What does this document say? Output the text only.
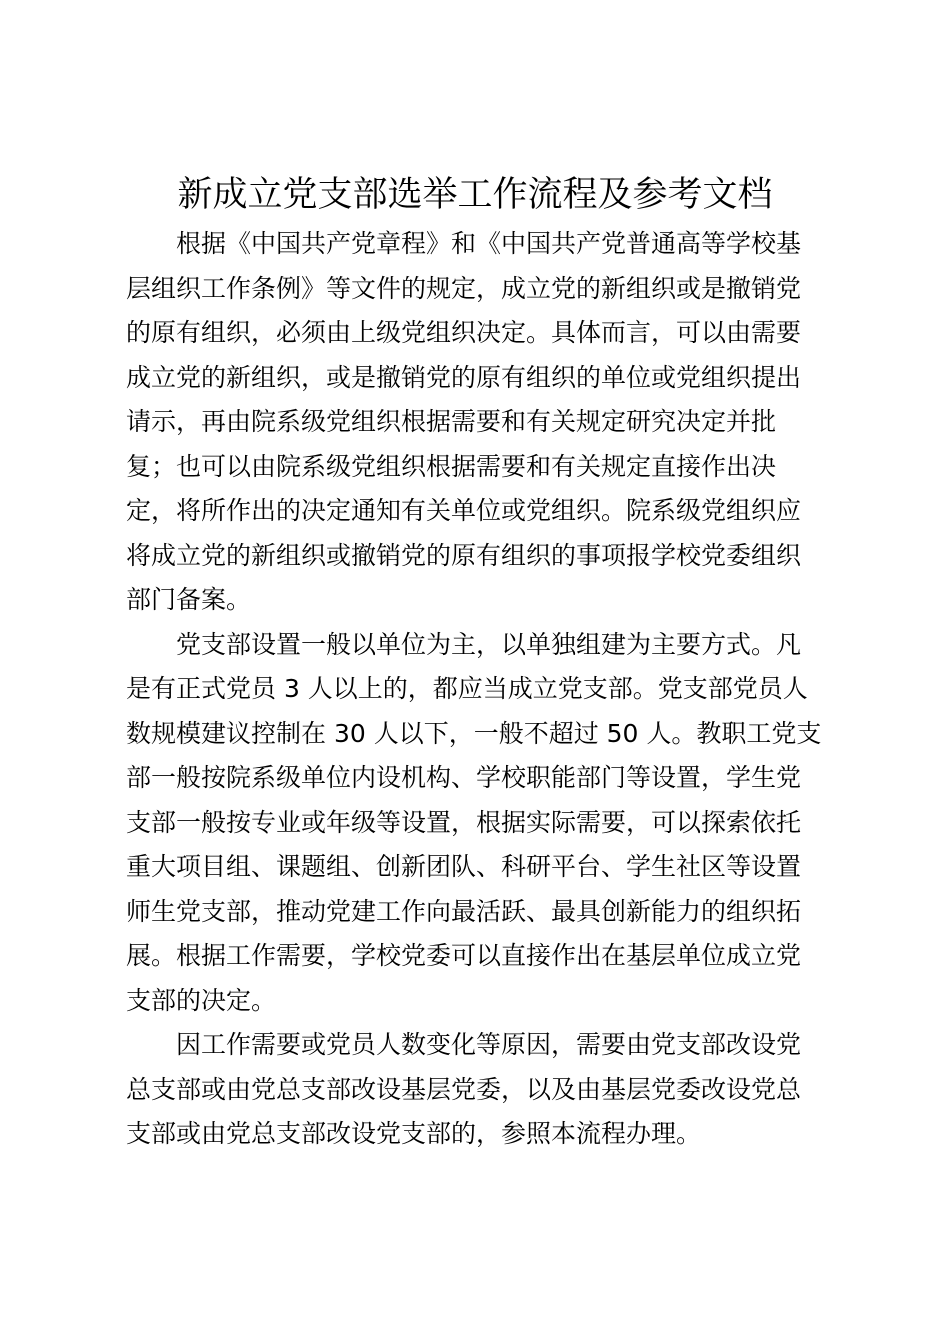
新成立党支部选举工作流程及参考文档

根据《中国共产党章程》和《中国共产党普通高等学校基
层组织工作条例》等文件的规定，成立党的新组织或是撤销党
的原有组织，必须由上级党组织决定。具体而言，可以由需要
成立党的新组织，或是撤销党的原有组织的单位或党组织提出
请示，再由院系级党组织根据需要和有关规定研究决定并批
复；也可以由院系级党组织根据需要和有关规定直接作出决
定，将所作出的决定通知有关单位或党组织。院系级党组织应
将成立党的新组织或撤销党的原有组织的事项报学校党委组织
部门备案。

党支部设置一般以单位为主，以单独组建为主要方式。凡
是有正式党员 3 人以上的，都应当成立党支部。党支部党员人
数规模建议控制在 30 人以下，一般不超过 50 人。教职工党支
部一般按院系级单位内设机构、学校职能部门等设置，学生党
支部一般按专业或年级等设置，根据实际需要，可以探索依托
重大项目组、课题组、创新团队、科研平台、学生社区等设置
师生党支部，推动党建工作向最活跃、最具创新能力的组织拓
展。根据工作需要，学校党委可以直接作出在基层单位成立党
支部的决定。

因工作需要或党员人数变化等原因，需要由党支部改设党
总支部或由党总支部改设基层党委，以及由基层党委改设党总
支部或由党总支部改设党支部的，参照本流程办理。
